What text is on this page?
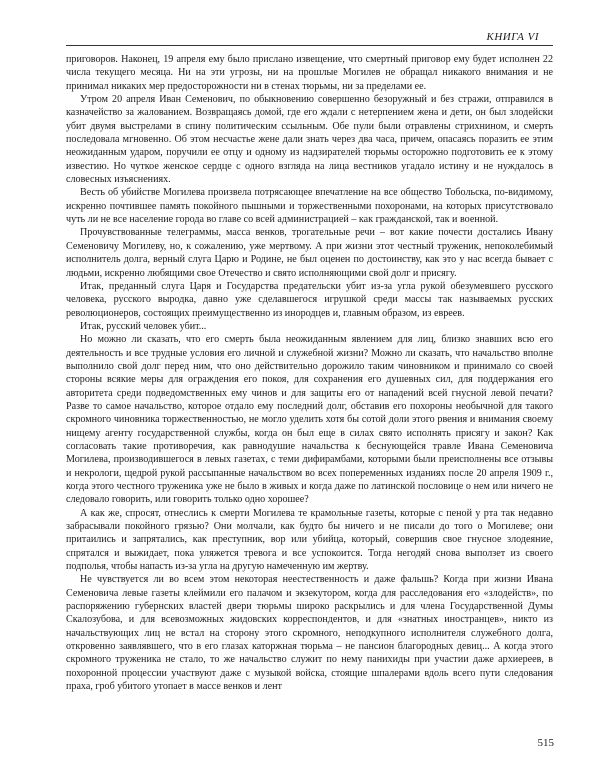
КНИГА VI

приговоров. Наконец, 19 апреля ему было прислано извещение, что смертный приговор ему будет исполнен 22 числа текущего месяца. Ни на эти угрозы, ни на прошлые Могилев не обращал никакого внимания и не принимал никаких мер предосторожности ни в стенах тюрьмы, ни за пределами ее.

Утром 20 апреля Иван Семенович, по обыкновению совершенно безоружный и без стражи, отправился в казначейство за жалованием. Возвращаясь домой, где его ждали с нетерпением жена и дети, он был злодейски убит двумя выстрелами в спину политическим ссыльным. Обе пули были отравлены стрихнином, и смерть последовала мгновенно. Об этом несчастье жене дали знать через два часа, причем, опасаясь поразить ее этим неожиданным ударом, поручили ее отцу и одному из надзирателей тюрьмы осторожно подготовить ее к этому известию. Но чуткое женское сердце с одного взгляда на лица вестников угадало истину и не нуждалось в словесных изъяснениях.

Весть об убийстве Могилева произвела потрясающее впечатление на все общество Тобольска, по-видимому, искренно почтившее память покойного пышными и торжественными похоронами, на которых присутствовало чуть ли не все население города во главе со всей администрацией – как гражданской, так и военной.

Прочувствованные телеграммы, масса венков, трогательные речи – вот какие почести достались Ивану Семеновичу Могилеву, но, к сожалению, уже мертвому. А при жизни этот честный труженик, непоколебимый исполнитель долга, верный слуга Царю и Родине, не был оценен по достоинству, как это у нас всегда бывает с людьми, искренно любящими свое Отечество и свято исполняющими свой долг и присягу.

Итак, преданный слуга Царя и Государства предательски убит из-за угла рукой обезумевшего русского человека, русского выродка, давно уже сделавшегося игрушкой среди массы так называемых русских революционеров, состоящих преимущественно из инородцев и, главным образом, из евреев.

Итак, русский человек убит...

Но можно ли сказать, что его смерть была неожиданным явлением для лиц, близко знавших всю его деятельность и все трудные условия его личной и служебной жизни? Можно ли сказать, что начальство вполне выполнило свой долг перед ним, что оно действительно дорожило таким чиновником и принимало со своей стороны всякие меры для ограждения его покоя, для сохранения его душевных сил, для поддержания его авторитета среди подведомственных ему чинов и для защиты его от нападений всей гнусной левой печати? Разве то самое начальство, которое отдало ему последний долг, обставив его похороны необычной для такого скромного чиновника торжественностью, не могло уделить хотя бы сотой доли этого рвения и внимания своему нищему агенту государственной службы, когда он был еще в силах свято исполнять присягу и закон? Как согласовать такие противоречия, как равнодушие начальства к беснующейся травле Ивана Семеновича Могилева, производившегося в левых газетах, с теми дифирамбами, которыми были преисполнены все отзывы и некрологи, щедрой рукой рассыпанные начальством во всех попеременных изданиях после 20 апреля 1909 г., когда этого честного труженика уже не было в живых и когда даже по латинской пословице о нем или ничего не следовало говорить, или говорить только одно хорошее?

А как же, спросят, отнеслись к смерти Могилева те крамольные газеты, которые с пеной у рта так недавно забрасывали покойного грязью? Они молчали, как будто бы ничего и не писали до того о Могилеве; они притаились и запрятались, как преступник, вор или убийца, который, совершив свое гнусное злодеяние, спрятался и выжидает, пока уляжется тревога и все успокоится. Тогда негодяй снова выползет из своего подполья, чтобы напасть из-за угла на другую намеченную им жертву.

Не чувствуется ли во всем этом некоторая неестественность и даже фальшь? Когда при жизни Ивана Семеновича левые газеты клеймили его палачом и экзекутором, когда для расследования его «злодейств», по распоряжению губернских властей двери тюрьмы широко раскрылись и для члена Государственной Думы Скалозубова, и для всевозможных жидовских корреспондентов, и для «знатных иностранцев», никто из начальствующих лиц не встал на сторону этого скромного, неподкупного исполнителя служебного долга, откровенно заявлявшего, что в его глазах каторжная тюрьма – не пансион благородных девиц... А когда этого скромного труженика не стало, то же начальство служит по нему панихиды при участии даже архиереев, в похоронной процессии участвуют даже с музыкой войска, стоящие шпалерами вдоль всего пути следования праха, гроб убитого утопает в массе венков и лент

515
